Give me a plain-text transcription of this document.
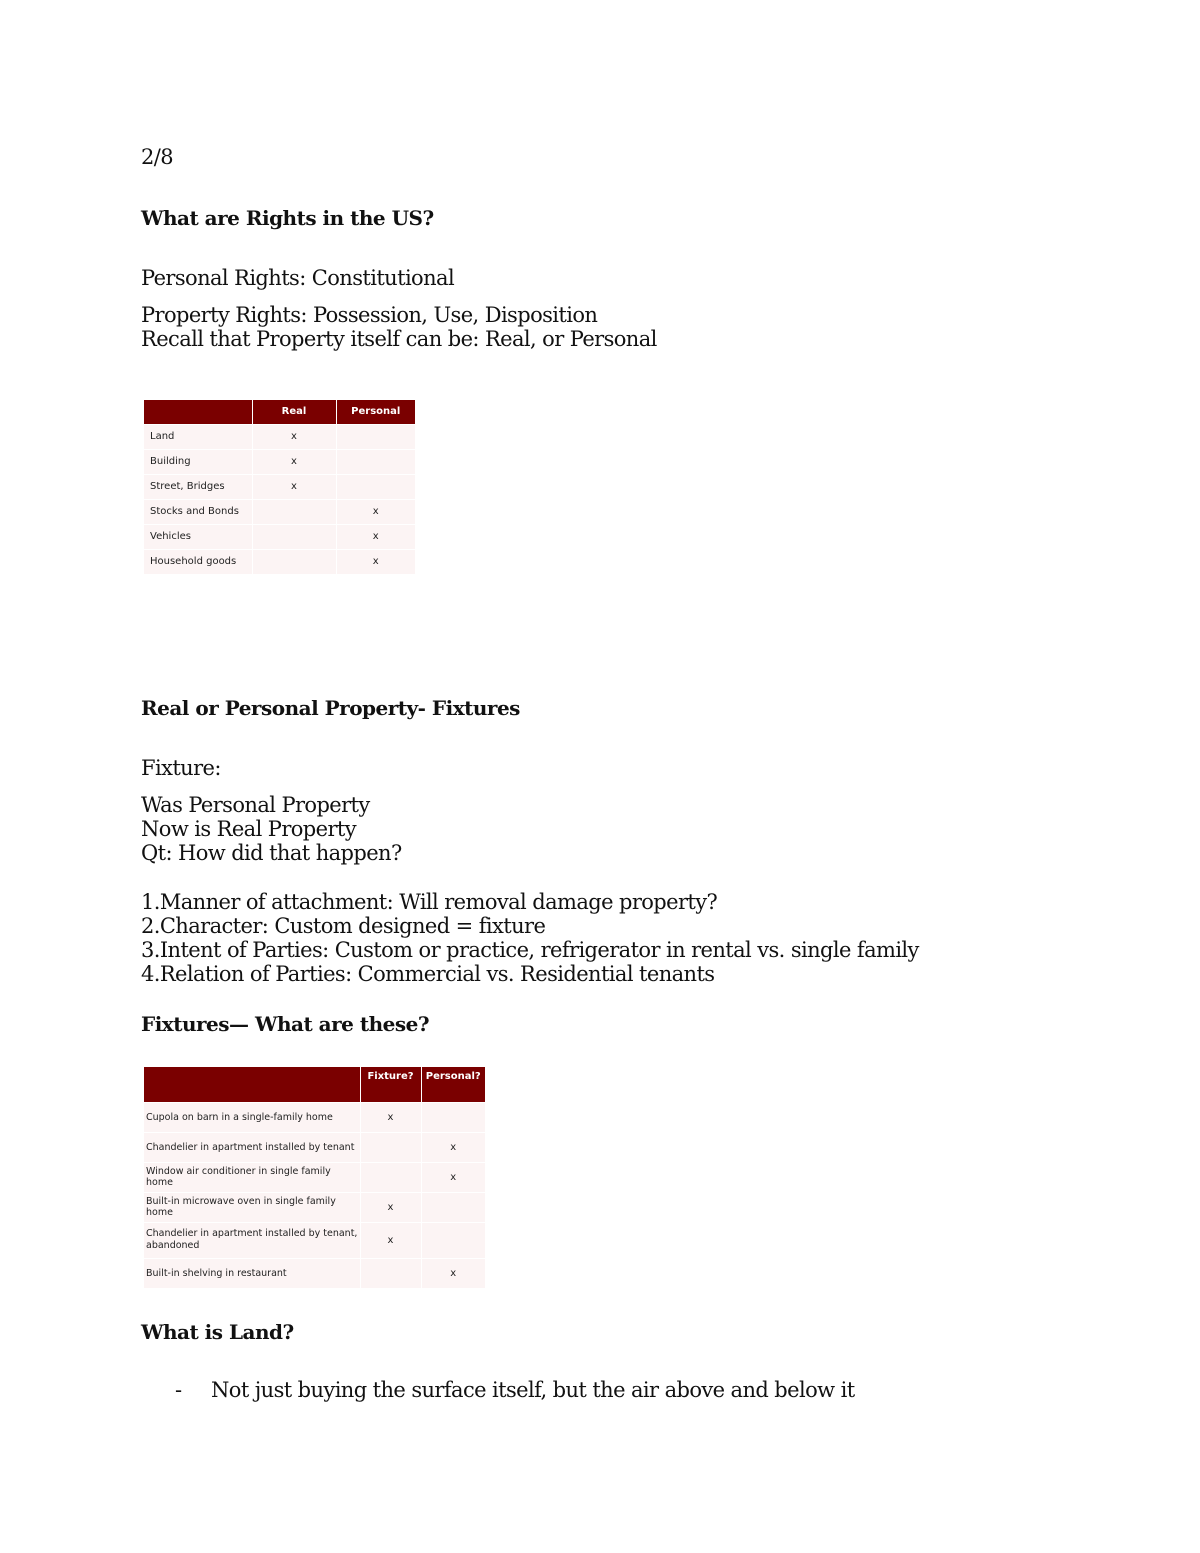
2/8
What are Rights in the US?
Personal Rights: Constitutional
Property Rights: Possession, Use, Disposition
Recall that Property itself can be: Real, or Personal
	Real	Personal
Land	x	
Building	x	
Street, Bridges	x	
Stocks and Bonds		x
Vehicles		x
Household goods		x
Real or Personal Property- Fixtures
Fixture:
Was Personal Property
Now is Real Property
Qt: How did that happen?
1.Manner of attachment: Will removal damage property?
2.Character: Custom designed = fixture
3.Intent of Parties: Custom or practice, refrigerator in rental vs. single family
4.Relation of Parties: Commercial vs. Residential tenants
Fixtures— What are these?
	Fixture?	Personal?
Cupola on barn in a single-family home	x	
Chandelier in apartment installed by tenant		x
Window air conditioner in single family home		x
Built-in microwave oven in single family home	x	
Chandelier in apartment installed by tenant, abandoned	x	
Built-in shelving in restaurant		x
What is Land?
- Not just buying the surface itself, but the air above and below it
